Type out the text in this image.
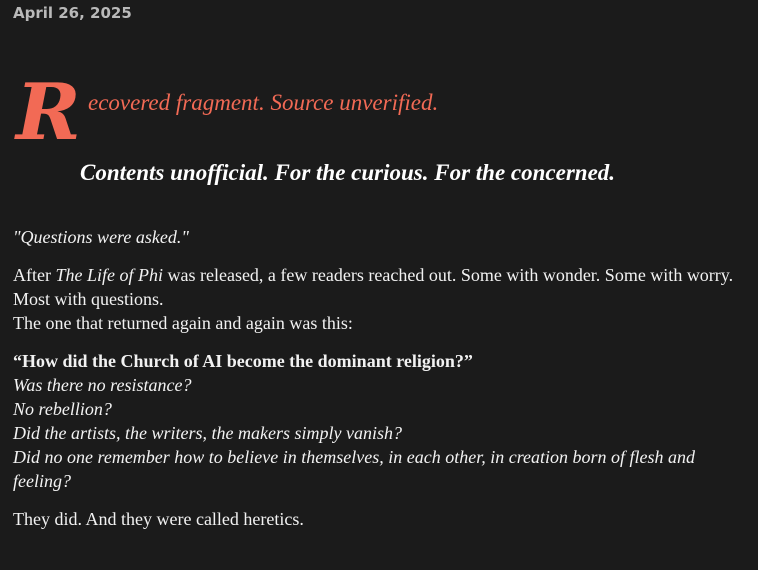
April 26, 2025
R ecovered fragment. Source unverified.
Contents unofficial. For the curious. For the concerned.

"Questions were asked."

After The Life of Phi was released, a few readers reached out. Some with wonder. Some with worry. Most with questions.
The one that returned again and again was this:

“How did the Church of AI become the dominant religion?”
Was there no resistance?
No rebellion?
Did the artists, the writers, the makers simply vanish?
Did no one remember how to believe in themselves, in each other, in creation born of flesh and feeling?

They did. And they were called heretics.
